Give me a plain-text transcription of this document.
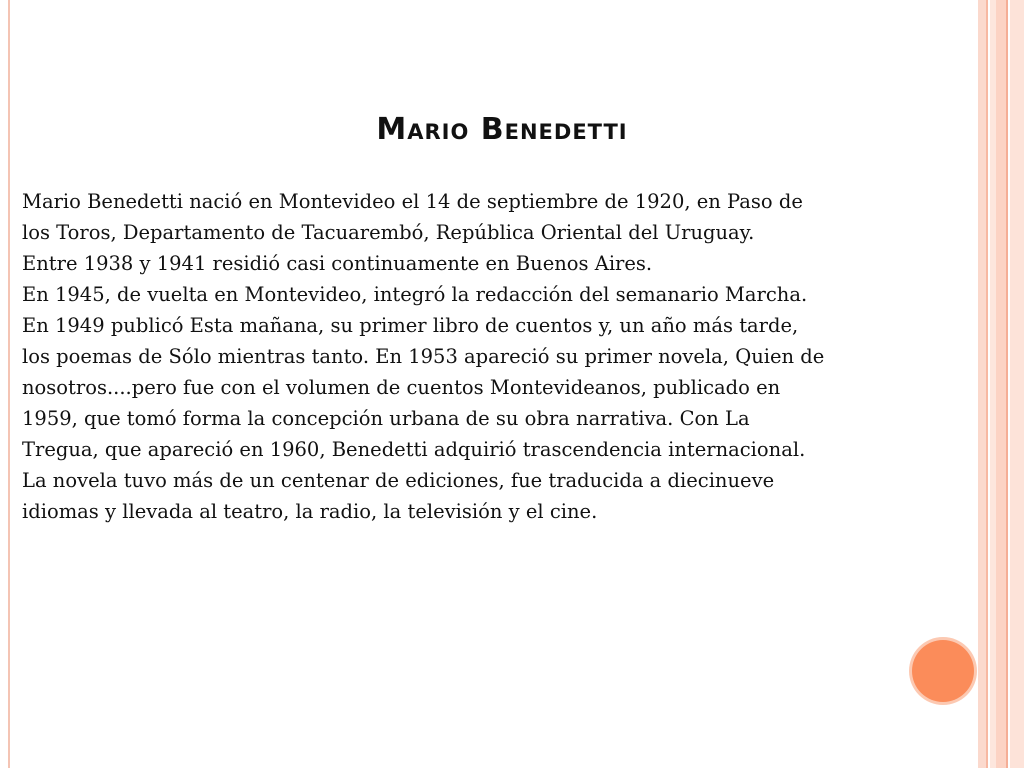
Mario Benedetti

Mario Benedetti nació en Montevideo el 14 de septiembre de 1920, en Paso de
los Toros, Departamento de Tacuarembó, República Oriental del Uruguay.
Entre 1938 y 1941 residió casi continuamente en Buenos Aires.
En 1945, de vuelta en Montevideo, integró la redacción del semanario Marcha.
En 1949 publicó Esta mañana, su primer libro de cuentos y, un año más tarde,
los poemas de Sólo mientras tanto. En 1953 apareció su primer novela, Quien de
nosotros....pero fue con el volumen de cuentos Montevideanos, publicado en
1959, que tomó forma la concepción urbana de su obra narrativa. Con La
Tregua, que apareció en 1960, Benedetti adquirió trascendencia internacional.
La novela tuvo más de un centenar de ediciones, fue traducida a diecinueve
idiomas y llevada al teatro, la radio, la televisión y el cine.
